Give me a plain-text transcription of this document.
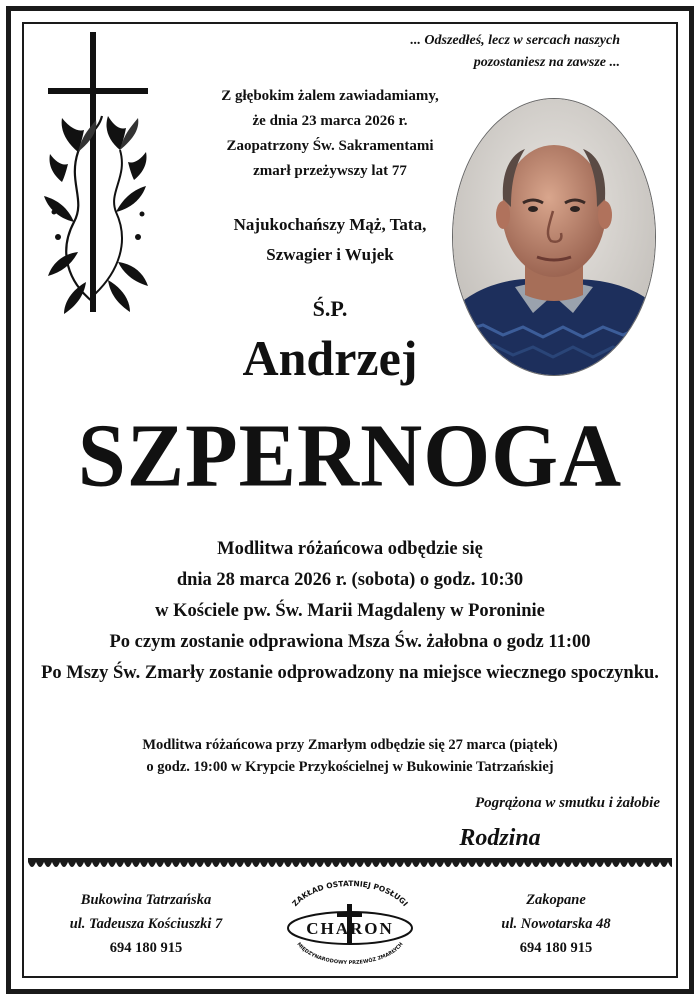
... Odszedłeś, lecz w sercach naszych
pozostaniesz na zawsze ...
Z głębokim żalem zawiadamiamy,
że dnia 23 marca 2026 r.
Zaopatrzony Św. Sakramentami
zmarł przeżywszy lat 77
Najukochańszy Mąż, Tata,
Szwagier i Wujek
Ś.P.
Andrzej
SZPERNOGA
Modlitwa różańcowa odbędzie się
dnia 28 marca 2026 r. (sobota) o godz. 10:30
w Kościele pw. Św. Marii Magdaleny w Poroninie
Po czym zostanie odprawiona Msza Św. żałobna o godz 11:00
Po Mszy Św. Zmarły zostanie odprowadzony na miejsce wiecznego spoczynku.
Modlitwa różańcowa przy Zmarłym odbędzie się 27 marca (piątek)
o godz. 19:00 w Krypcie Przykościelnej w Bukowinie Tatrzańskiej
Pogrążona w smutku i żałobie
Rodzina
Bukowina Tatrzańska
ul. Tadeusza Kościuszki 7
694 180 915
ZAKŁAD OSTATNIEJ POSŁUGI
CHARON
MIĘDZYNARODOWY PRZEWÓZ ZMARŁYCH
Zakopane
ul. Nowotarska 48
694 180 915
